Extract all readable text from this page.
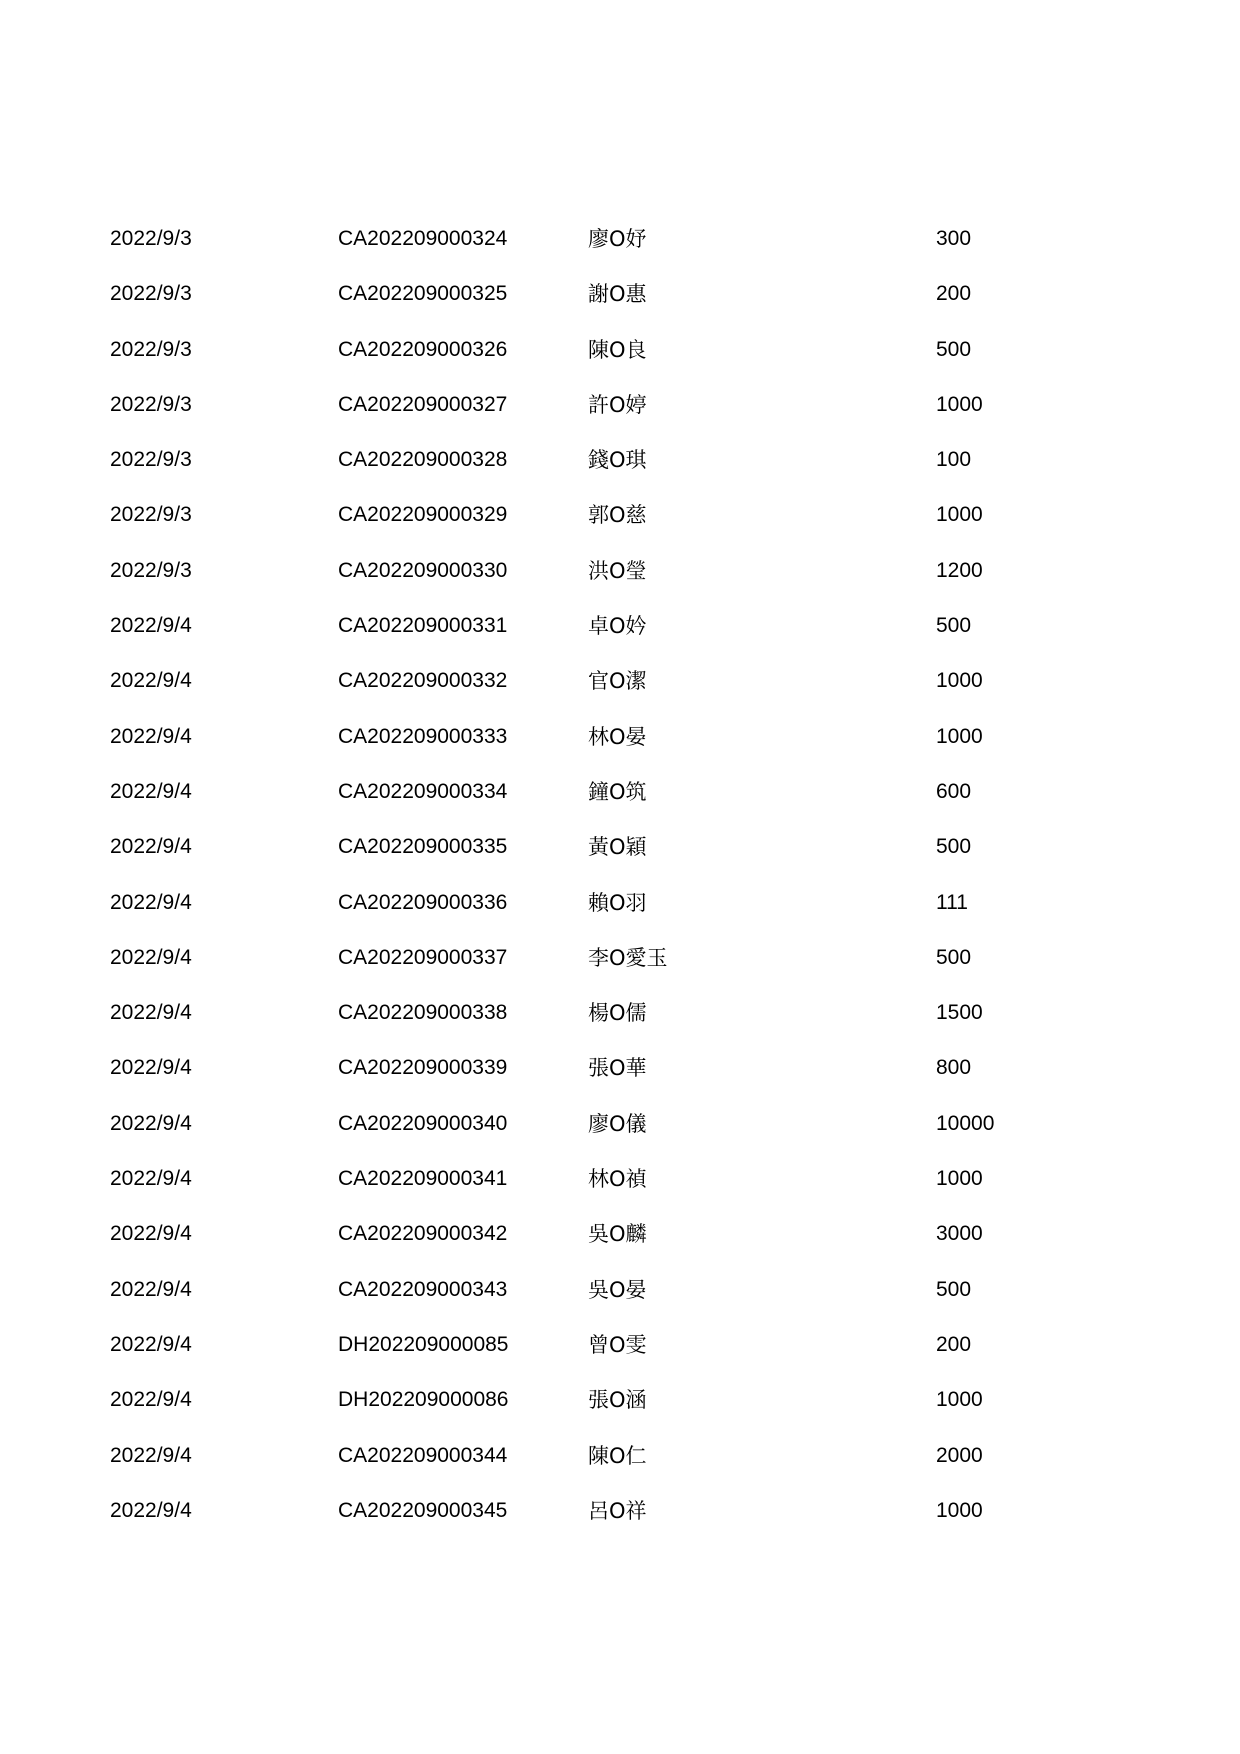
2022/9/3	CA202209000324	廖O妤	300
2022/9/3	CA202209000325	謝O惠	200
2022/9/3	CA202209000326	陳O良	500
2022/9/3	CA202209000327	許O婷	1000
2022/9/3	CA202209000328	錢O琪	100
2022/9/3	CA202209000329	郭O慈	1000
2022/9/3	CA202209000330	洪O瑩	1200
2022/9/4	CA202209000331	卓O妗	500
2022/9/4	CA202209000332	官O潔	1000
2022/9/4	CA202209000333	林O晏	1000
2022/9/4	CA202209000334	鐘O筑	600
2022/9/4	CA202209000335	黃O穎	500
2022/9/4	CA202209000336	賴O羽	111
2022/9/4	CA202209000337	李O愛玉	500
2022/9/4	CA202209000338	楊O儒	1500
2022/9/4	CA202209000339	張O華	800
2022/9/4	CA202209000340	廖O儀	10000
2022/9/4	CA202209000341	林O禎	1000
2022/9/4	CA202209000342	吳O麟	3000
2022/9/4	CA202209000343	吳O晏	500
2022/9/4	DH202209000085	曾O雯	200
2022/9/4	DH202209000086	張O涵	1000
2022/9/4	CA202209000344	陳O仁	2000
2022/9/4	CA202209000345	呂O祥	1000
